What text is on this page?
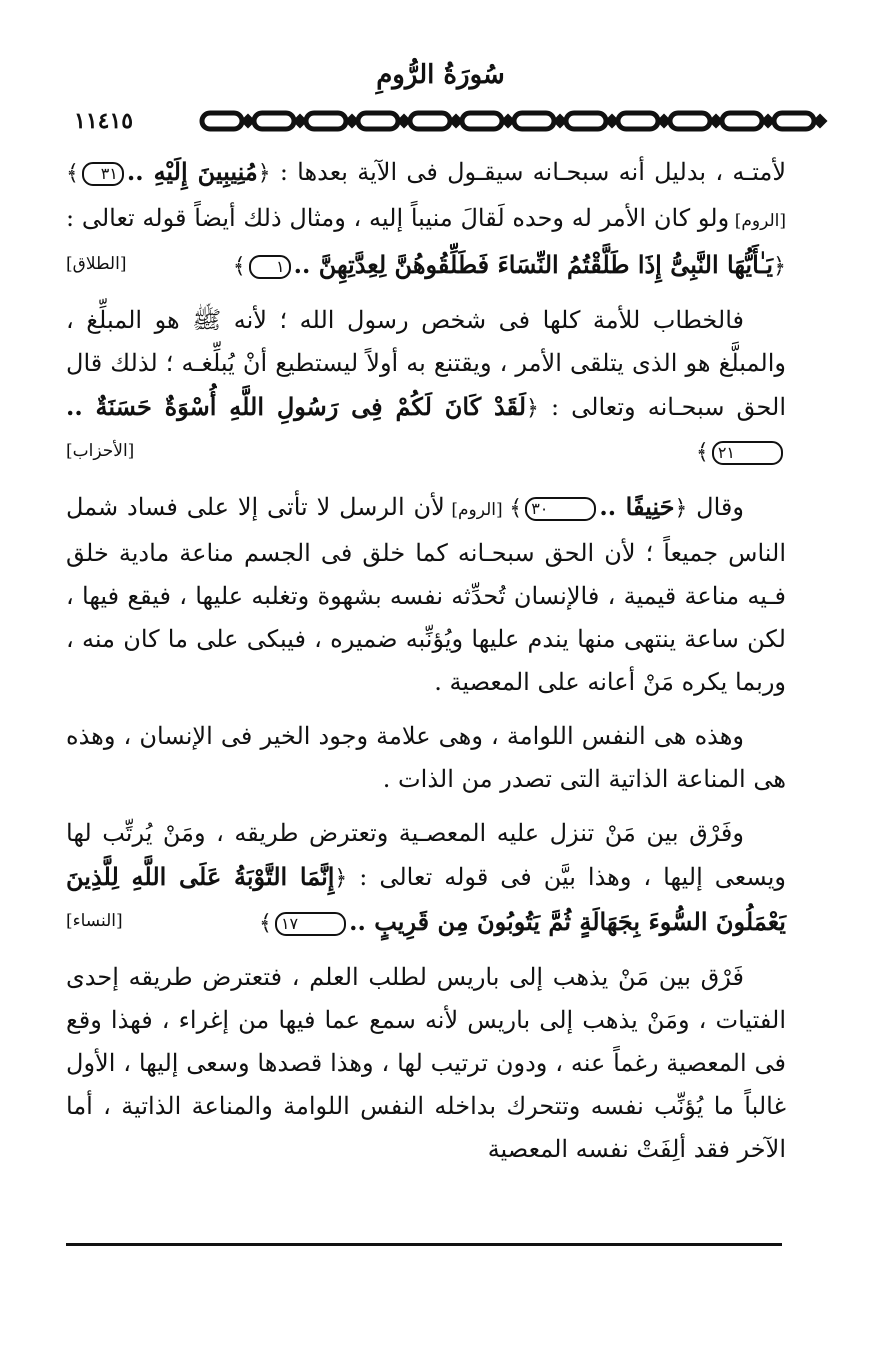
سُورَةُ الرُّومِ
١١٤١٥

لأمتـه ، بدليل أنه سبحـانه سيقـول فى الآية بعدها : ﴿مُنِيبِينَ إِلَيْهِ ..٣١﴾ [الروم] ولو كان الأمر له وحده لَقالَ منيباً إليه ، ومثال ذلك أيضاً قوله تعالى : ﴿يَـٰأَيُّهَا النَّبِىُّ إِذَا طَلَّقْتُمُ النِّسَاءَ فَطَلِّقُوهُنَّ لِعِدَّتِهِنَّ ..١﴾
[الطلاق]

فالخطاب للأمة كلها فى شخص رسول الله ؛ لأنه ﷺ هو المبلِّغ ، والمبلَّغ هو الذى يتلقى الأمر ، ويقتنع به أولاً ليستطيع أنْ يُبلِّغـه ؛ لذلك قال الحق سبحـانه وتعالى : ﴿لَقَدْ كَانَ لَكُمْ فِى رَسُولِ اللَّهِ أُسْوَةٌ حَسَنَةٌ ..٢١﴾
[الأحزاب]

وقال ﴿حَنِيفًا ..٣٠﴾ [الروم] لأن الرسل لا تأتى إلا على فساد شمل الناس جميعاً ؛ لأن الحق سبحـانه كما خلق فى الجسم مناعة مادية خلق فـيه مناعة قيمية ، فالإنسان تُحدِّثه نفسه بشهوة وتغلبه عليها ، فيقع فيها ، لكن ساعة ينتهى منها يندم عليها ويُؤنِّبه ضميره ، فيبكى على ما كان منه ، وربما يكره مَنْ أعانه على المعصية .

وهذه هى النفس اللوامة ، وهى علامة وجود الخير فى الإنسان ، وهذه هى المناعة الذاتية التى تصدر من الذات .

وفَرْق بين مَنْ تنزل عليه المعصـية وتعترض طريقه ، ومَنْ يُرتِّب لها ويسعى إليها ، وهذا بيَّن فى قوله تعالى : ﴿إِنَّمَا التَّوْبَةُ عَلَى اللَّهِ لِلَّذِينَ يَعْمَلُونَ السُّوءَ بِجَهَالَةٍ ثُمَّ يَتُوبُونَ مِن قَرِيبٍ ..١٧﴾
[النساء]

فَرْق بين مَنْ يذهب إلى باريس لطلب العلم ، فتعترض طريقه إحدى الفتيات ، ومَنْ يذهب إلى باريس لأنه سمع عما فيها من إغراء ، فهذا وقع فى المعصية رغماً عنه ، ودون ترتيب لها ، وهذا قصدها وسعى إليها ، الأول غالباً ما يُؤنِّب نفسه وتتحرك بداخله النفس اللوامة والمناعة الذاتية ، أما الآخر فقد ألِفَتْ نفسه المعصية
